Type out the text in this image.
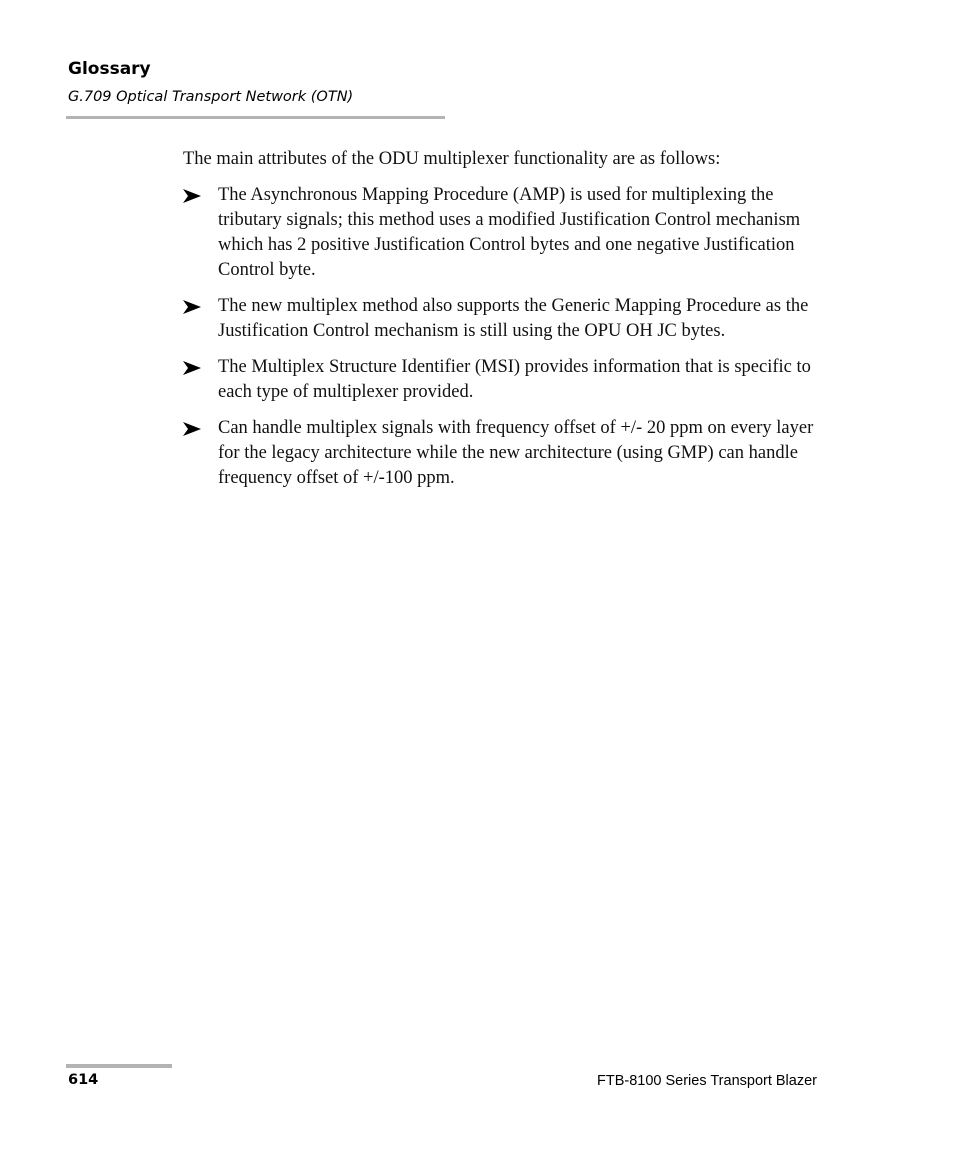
Glossary
G.709 Optical Transport Network (OTN)

The main attributes of the ODU multiplexer functionality are as follows:

The Asynchronous Mapping Procedure (AMP) is used for multiplexing the tributary signals; this method uses a modified Justification Control mechanism which has 2 positive Justification Control bytes and one negative Justification Control byte.
The new multiplex method also supports the Generic Mapping Procedure as the Justification Control mechanism is still using the OPU OH JC bytes.
The Multiplex Structure Identifier (MSI) provides information that is specific to each type of multiplexer provided.
Can handle multiplex signals with frequency offset of +/- 20 ppm on every layer for the legacy architecture while the new architecture (using GMP) can handle frequency offset of +/-100 ppm.
614	FTB-8100 Series Transport Blazer
